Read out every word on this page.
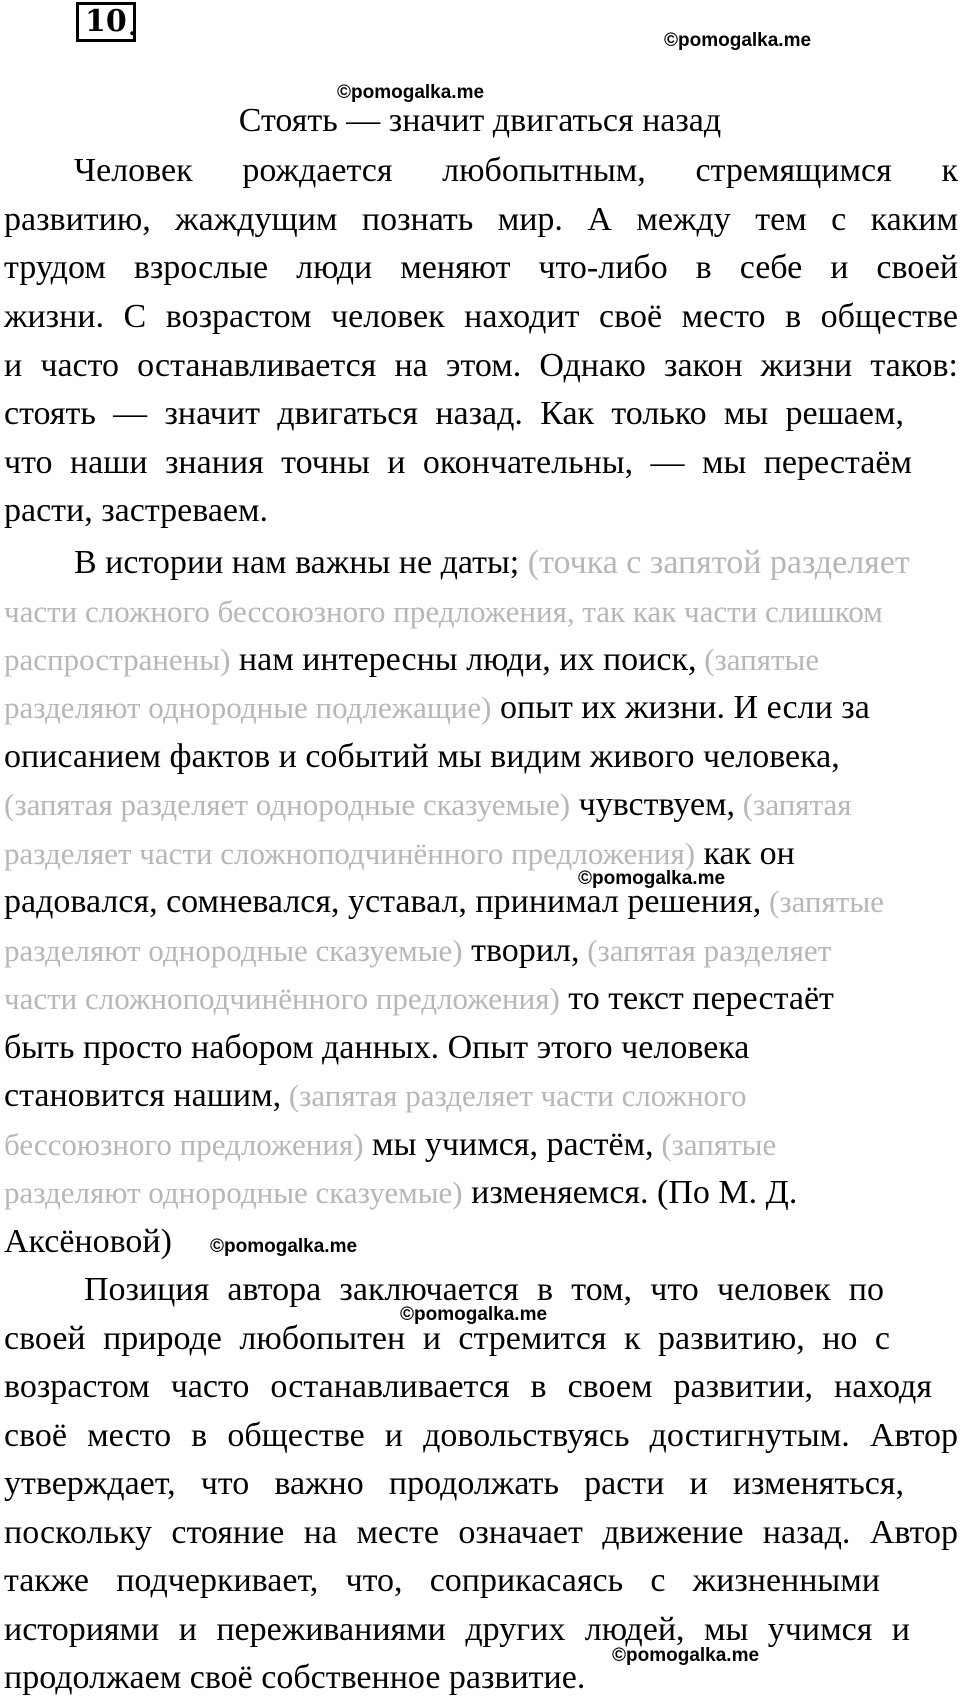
10 .	©pomogalka.me
©pomogalka.me
Стоять — значит двигаться назад
Человек рождается любопытным, стремящимся к
развитию, жаждущим познать мир. А между тем с каким
трудом взрослые люди меняют что-либо в себе и своей
жизни. С возрастом человек находит своё место в обществе
и часто останавливается на этом. Однако закон жизни таков:
стоять — значит двигаться назад. Как только мы решаем,
что наши знания точны и окончательны, — мы перестаём
расти, застреваем.
В истории нам важны не даты; (точка с запятой разделяет
части сложного бессоюзного предложения, так как части слишком
распространены) нам интересны люди, их поиск, (запятые
разделяют однородные подлежащие) опыт их жизни. И если за
описанием фактов и событий мы видим живого человека,
(запятая разделяет однородные сказуемые) чувствуем, (запятая
разделяет части сложноподчинённого предложения) как он
©pomogalka.me
радовался, сомневался, уставал, принимал решения, (запятые
разделяют однородные сказуемые) творил, (запятая разделяет
части сложноподчинённого предложения) то текст перестаёт
быть просто набором данных. Опыт этого человека
становится нашим, (запятая разделяет части сложного
бессоюзного предложения) мы учимся, растём, (запятые
разделяют однородные сказуемые) изменяемся. (По М. Д.
Аксёновой)	©pomogalka.me
Позиция автора заключается в том, что человек по
©pomogalka.me
своей природе любопытен и стремится к развитию, но с
возрастом часто останавливается в своем развитии, находя
своё место в обществе и довольствуясь достигнутым. Автор
утверждает, что важно продолжать расти и изменяться,
поскольку стояние на месте означает движение назад. Автор
также подчеркивает, что, соприкасаясь с жизненными
историями и переживаниями других людей, мы учимся и
©pomogalka.me
продолжаем своё собственное развитие.
